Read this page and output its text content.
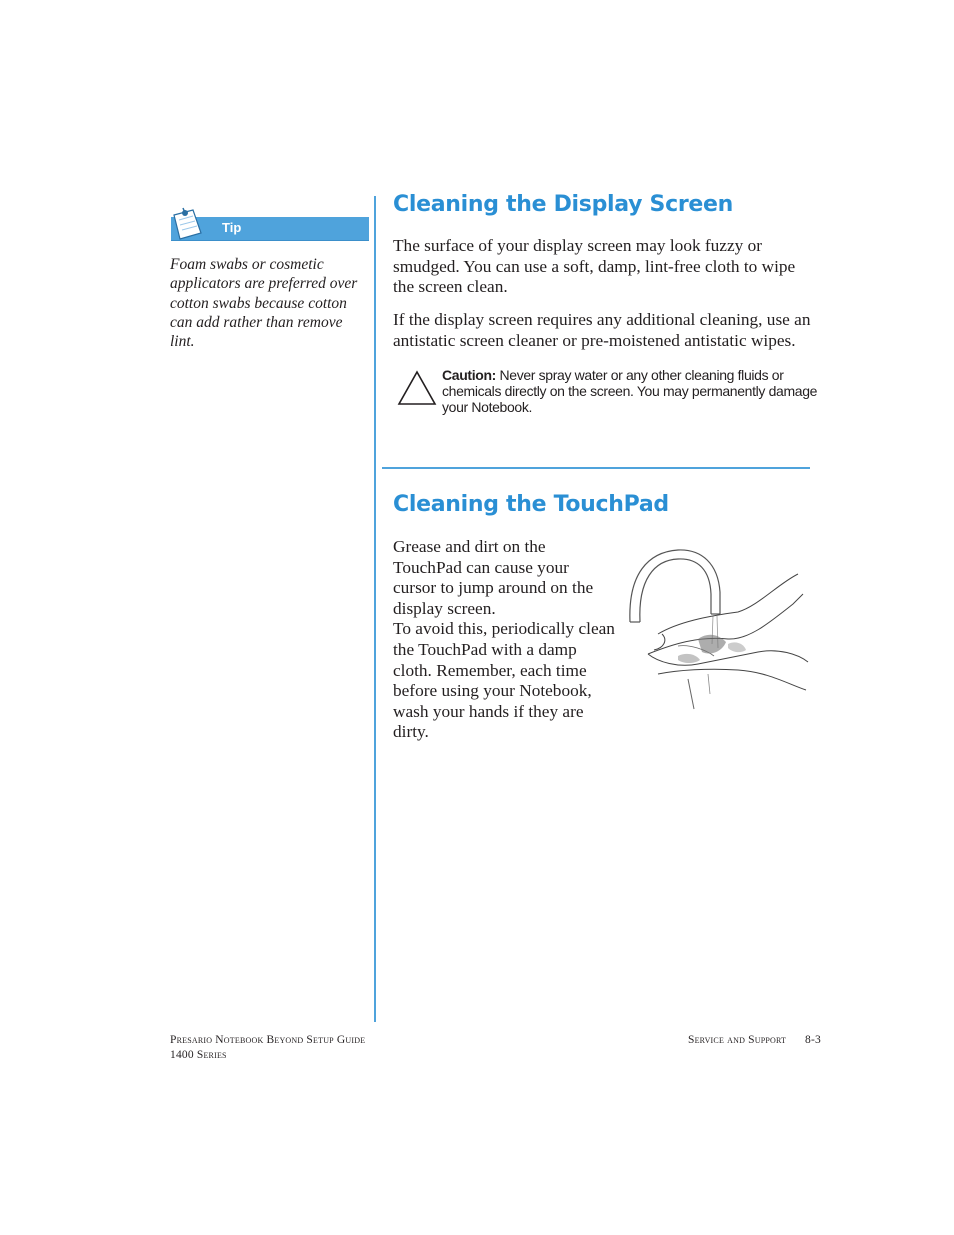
Tip
Foam swabs or cosmetic applicators are preferred over cotton swabs because cotton can add rather than remove lint.
Cleaning the Display Screen
The surface of your display screen may look fuzzy or smudged. You can use a soft, damp, lint-free cloth to wipe the screen clean.
If the display screen requires any additional cleaning, use an antistatic screen cleaner or pre-moistened antistatic wipes.
Caution: Never spray water or any other cleaning fluids or chemicals directly on the screen. You may permanently damage your Notebook.
Cleaning the TouchPad
Grease and dirt on the TouchPad can cause your cursor to jump around on the display screen.
To avoid this, periodically clean the TouchPad with a damp cloth. Remember, each time before using your Notebook, wash your hands if they are dirty.
Presario Notebook Beyond Setup Guide
1400 Series
Service and Support 8-3
